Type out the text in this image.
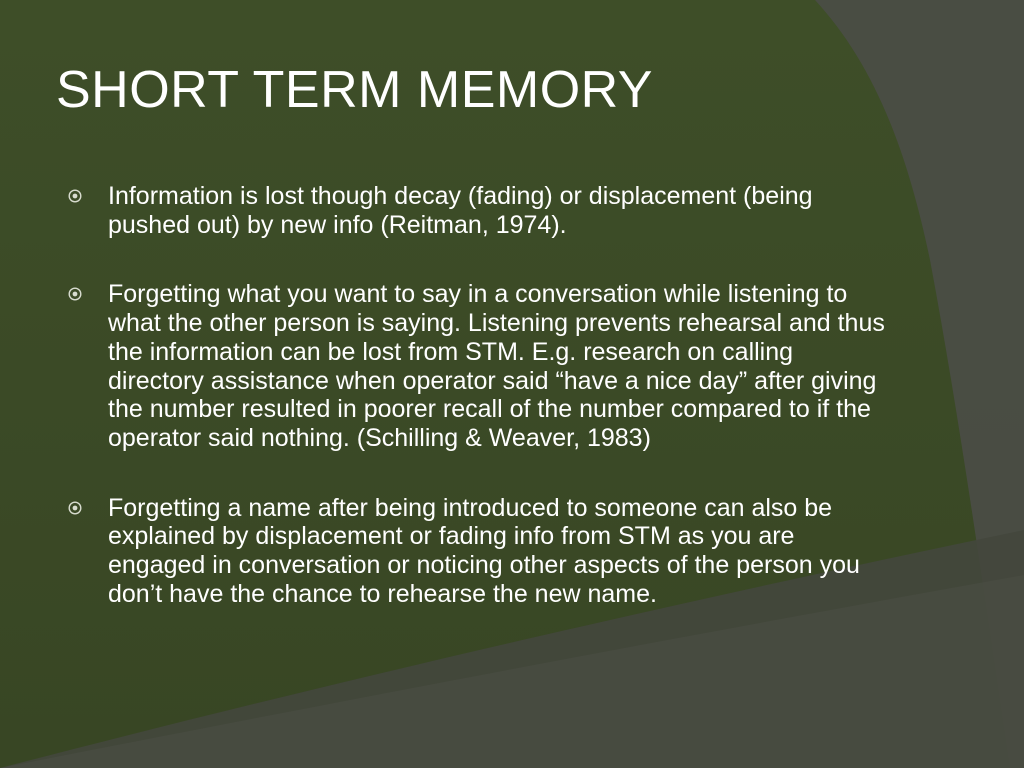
SHORT TERM MEMORY
Information is lost though decay (fading) or displacement (being pushed out) by new info (Reitman, 1974).
Forgetting what you want to say in a conversation while listening to what the other person is saying. Listening prevents rehearsal and thus the information can be lost from STM. E.g. research on calling directory assistance when operator said “have a nice day” after giving the number resulted in poorer recall of the number compared to if the operator said nothing. (Schilling & Weaver, 1983)
Forgetting a name after being introduced to someone can also be explained by displacement or fading info from STM as you are engaged in conversation or noticing other aspects of the person you don’t have the chance to rehearse the new name.
